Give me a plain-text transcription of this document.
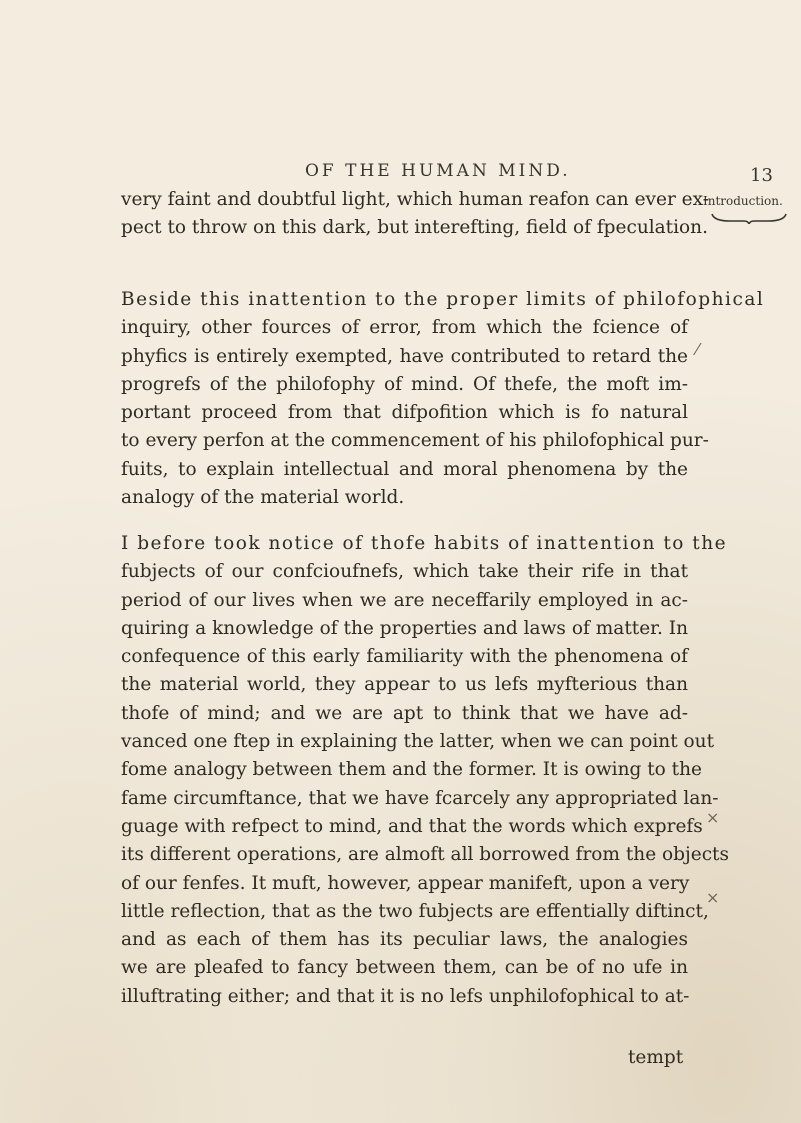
OF THE HUMAN MIND.	13
Introduction.
very faint and doubtful light, which human reafon can ever ex-
pect to throw on this dark, but interefting, field of fpeculation.
Beside this inattention to the proper limits of philofophical
inquiry, other fources of error, from which the fcience of
phyfics is entirely exempted, have contributed to retard the
progrefs of the philofophy of mind. Of thefe, the moft im-
portant proceed from that difpofition which is fo natural
to every perfon at the commencement of his philofophical pur-
fuits, to explain intellectual and moral phenomena by the
analogy of the material world.
I before took notice of thofe habits of inattention to the
fubjects of our confcioufnefs, which take their rife in that
period of our lives when we are neceffarily employed in ac-
quiring a knowledge of the properties and laws of matter. In
confequence of this early familiarity with the phenomena of
the material world, they appear to us lefs myfterious than
thofe of mind; and we are apt to think that we have ad-
vanced one ftep in explaining the latter, when we can point out
fome analogy between them and the former. It is owing to the
fame circumftance, that we have fcarcely any appropriated lan-
guage with refpect to mind, and that the words which exprefs
its different operations, are almoft all borrowed from the objects
of our fenfes. It muft, however, appear manifeft, upon a very
little reflection, that as the two fubjects are effentially diftinct,
and as each of them has its peculiar laws, the analogies
we are pleafed to fancy between them, can be of no ufe in
illuftrating either; and that it is no lefs unphilofophical to at-
tempt
⁄
×
×
